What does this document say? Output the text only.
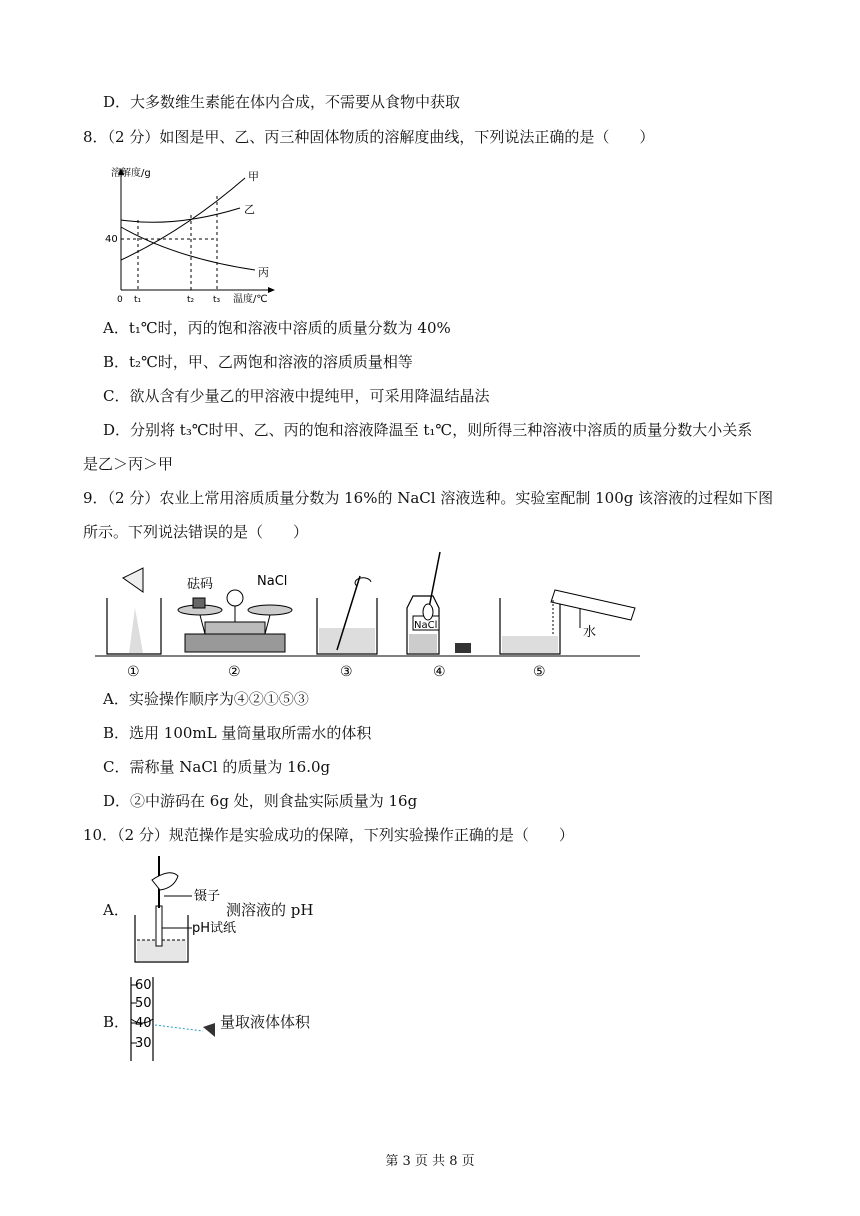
D．大多数维生素能在体内合成，不需要从食物中获取
8．（2 分）如图是甲、乙、丙三种固体物质的溶解度曲线，下列说法正确的是（　　）
溶解度/g
温度/℃
40
甲
乙
丙
0 t₁	t₂ t₃
A．t₁℃时，丙的饱和溶液中溶质的质量分数为 40%
B．t₂℃时，甲、乙两饱和溶液的溶质质量相等
C．欲从含有少量乙的甲溶液中提纯甲，可采用降温结晶法
D．分别将 t₃℃时甲、乙、丙的饱和溶液降温至 t₁℃，则所得三种溶液中溶质的质量分数大小关系
是乙＞丙＞甲
9．（2 分）农业上常用溶质质量分数为 16%的 NaCl 溶液选种。实验室配制 100g 该溶液的过程如下图
所示。下列说法错误的是（　　）
砝码	NaCl
NaCl	水
①	②	③	④	⑤
A．实验操作顺序为④②①⑤③
B．选用 100mL 量筒量取所需水的体积
C．需称量 NaCl 的质量为 16.0g
D．②中游码在 6g 处，则食盐实际质量为 16g
10．（2 分）规范操作是实验成功的保障，下列实验操作正确的是（　　）
A．
镊子
pH试纸
测溶液的 pH
B．
60
50
40
30
量取液体体积
第 3 页 共 8 页
